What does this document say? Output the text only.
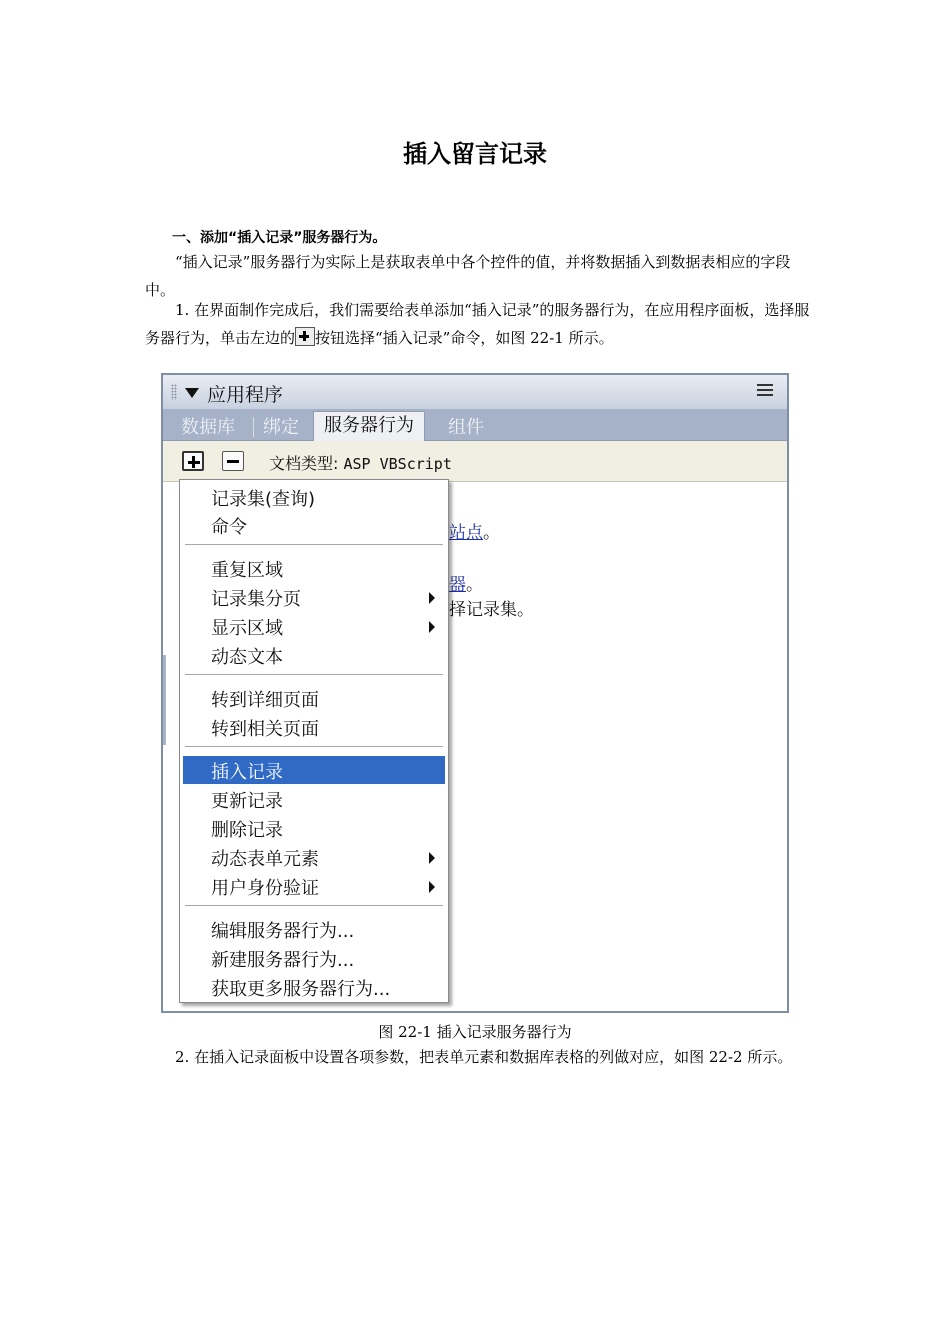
插入留言记录
一、添加“插入记录”服务器行为。

“插入记录”服务器行为实际上是获取表单中各个控件的值，并将数据插入到数据表相应的字段中。

1. 在界面制作完成后，我们需要给表单添加“插入记录”的服务器行为，在应用程序面板，选择服务器行为，单击左边的 按钮选择“插入记录”命令，如图 22-1 所示。

应用程序
数据库 绑定	服务器行为	组件
文档类型: ASP VBScript
站点。
器。
择记录集。
记录集(查询)
命令
重复区域
记录集分页
显示区域
动态文本
转到详细页面
转到相关页面
插入记录
更新记录
删除记录
动态表单元素
用户身份验证
编辑服务器行为...
新建服务器行为...
获取更多服务器行为...
图 22-1 插入记录服务器行为

2. 在插入记录面板中设置各项参数，把表单元素和数据库表格的列做对应，如图 22-2 所示。
